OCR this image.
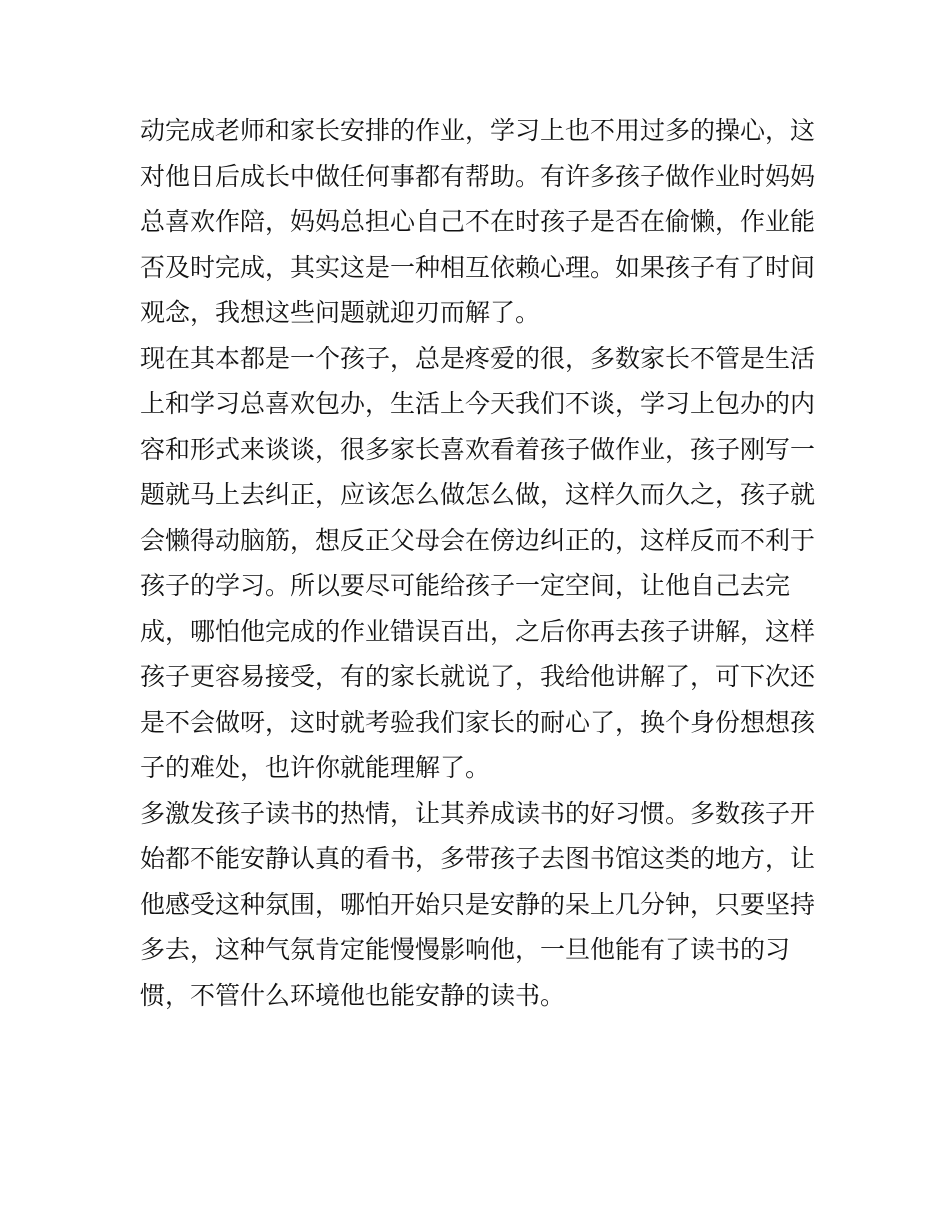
动完成老师和家长安排的作业，学习上也不用过多的操心，这
对他日后成长中做任何事都有帮助。有许多孩子做作业时妈妈
总喜欢作陪，妈妈总担心自己不在时孩子是否在偷懒，作业能
否及时完成，其实这是一种相互依赖心理。如果孩子有了时间
观念，我想这些问题就迎刃而解了。
现在其本都是一个孩子，总是疼爱的很，多数家长不管是生活
上和学习总喜欢包办，生活上今天我们不谈，学习上包办的内
容和形式来谈谈，很多家长喜欢看着孩子做作业，孩子刚写一
题就马上去纠正，应该怎么做怎么做，这样久而久之，孩子就
会懒得动脑筋，想反正父母会在傍边纠正的，这样反而不利于
孩子的学习。所以要尽可能给孩子一定空间，让他自己去完
成，哪怕他完成的作业错误百出，之后你再去孩子讲解，这样
孩子更容易接受，有的家长就说了，我给他讲解了，可下次还
是不会做呀，这时就考验我们家长的耐心了，换个身份想想孩
子的难处，也许你就能理解了。
多激发孩子读书的热情，让其养成读书的好习惯。多数孩子开
始都不能安静认真的看书，多带孩子去图书馆这类的地方，让
他感受这种氛围，哪怕开始只是安静的呆上几分钟，只要坚持
多去，这种气氛肯定能慢慢影响他，一旦他能有了读书的习
惯，不管什么环境他也能安静的读书。
